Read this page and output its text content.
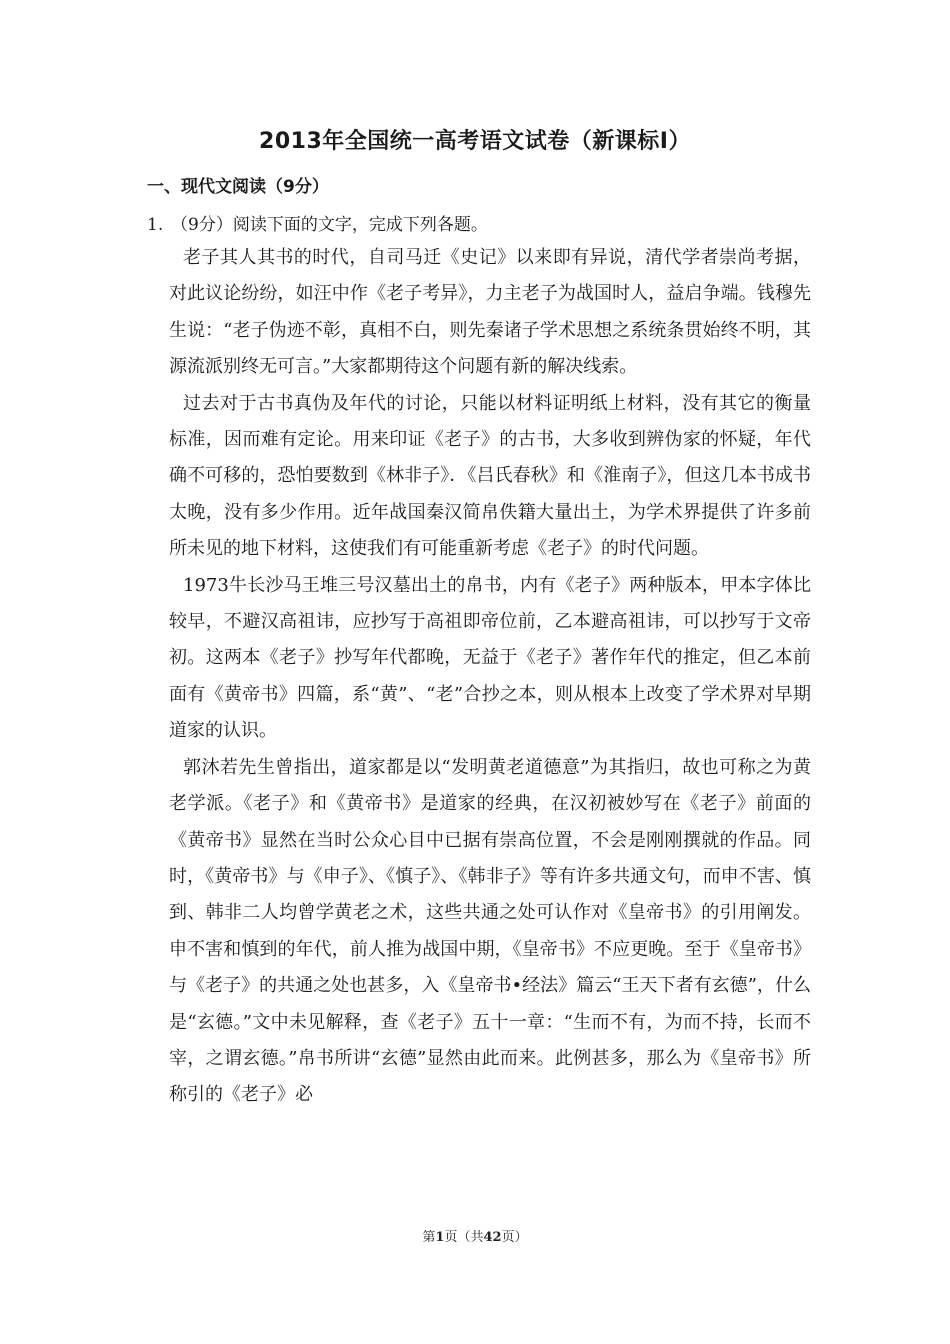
2013年全国统一高考语文试卷（新课标Ⅰ）
一、现代文阅读（9分）
1. （9分）阅读下面的文字，完成下列各题。

老子其人其书的时代，自司马迁《史记》以来即有异说，清代学者崇尚考据，对此议论纷纷，如汪中作《老子考异》，力主老子为战国时人，益启争端。钱穆先生说：“老子伪迹不彰，真相不白，则先秦诸子学术思想之系统条贯始终不明，其源流派别终无可言。”大家都期待这个问题有新的解决线索。

过去对于古书真伪及年代的讨论，只能以材料证明纸上材料，没有其它的衡量标准，因而难有定论。用来印证《老子》的古书，大多收到辨伪家的怀疑，年代确不可移的，恐怕要数到《林非子》．《吕氏春秋》和《淮南子》，但这几本书成书太晚，没有多少作用。近年战国秦汉简帛佚籍大量出土，为学术界提供了许多前所未见的地下材料，这使我们有可能重新考虑《老子》的时代问题。

1973牛长沙马王堆三号汉墓出土的帛书，内有《老子》两种版本，甲本字体比较早，不避汉高祖讳，应抄写于高祖即帝位前，乙本避高祖讳，可以抄写于文帝初。这两本《老子》抄写年代都晚，无益于《老子》著作年代的推定，但乙本前面有《黄帝书》四篇，系“黄”、“老”合抄之本，则从根本上改变了学术界对早期道家的认识。

郭沐若先生曾指出，道家都是以“发明黄老道德意”为其指归，故也可称之为黄老学派。《老子》和《黄帝书》是道家的经典，在汉初被妙写在《老子》前面的《黄帝书》显然在当时公众心目中已据有崇高位置，不会是刚刚撰就的作品。同时，《黄帝书》与《申子》、《慎子》、《韩非子》等有许多共通文句，而申不害、慎到、韩非二人均曾学黄老之术，这些共通之处可认作对《皇帝书》的引用阐发。申不害和慎到的年代，前人推为战国中期，《皇帝书》不应更晚。至于《皇帝书》与《老子》的共通之处也甚多，入《皇帝书•经法》篇云“王天下者有玄德”，什么是“玄德。”文中未见解释，查《老子》五十一章：“生而不有，为而不持，长而不宰，之谓玄德。”帛书所讲“玄德”显然由此而来。此例甚多，那么为《皇帝书》所称引的《老子》必

第1页（共42页）
